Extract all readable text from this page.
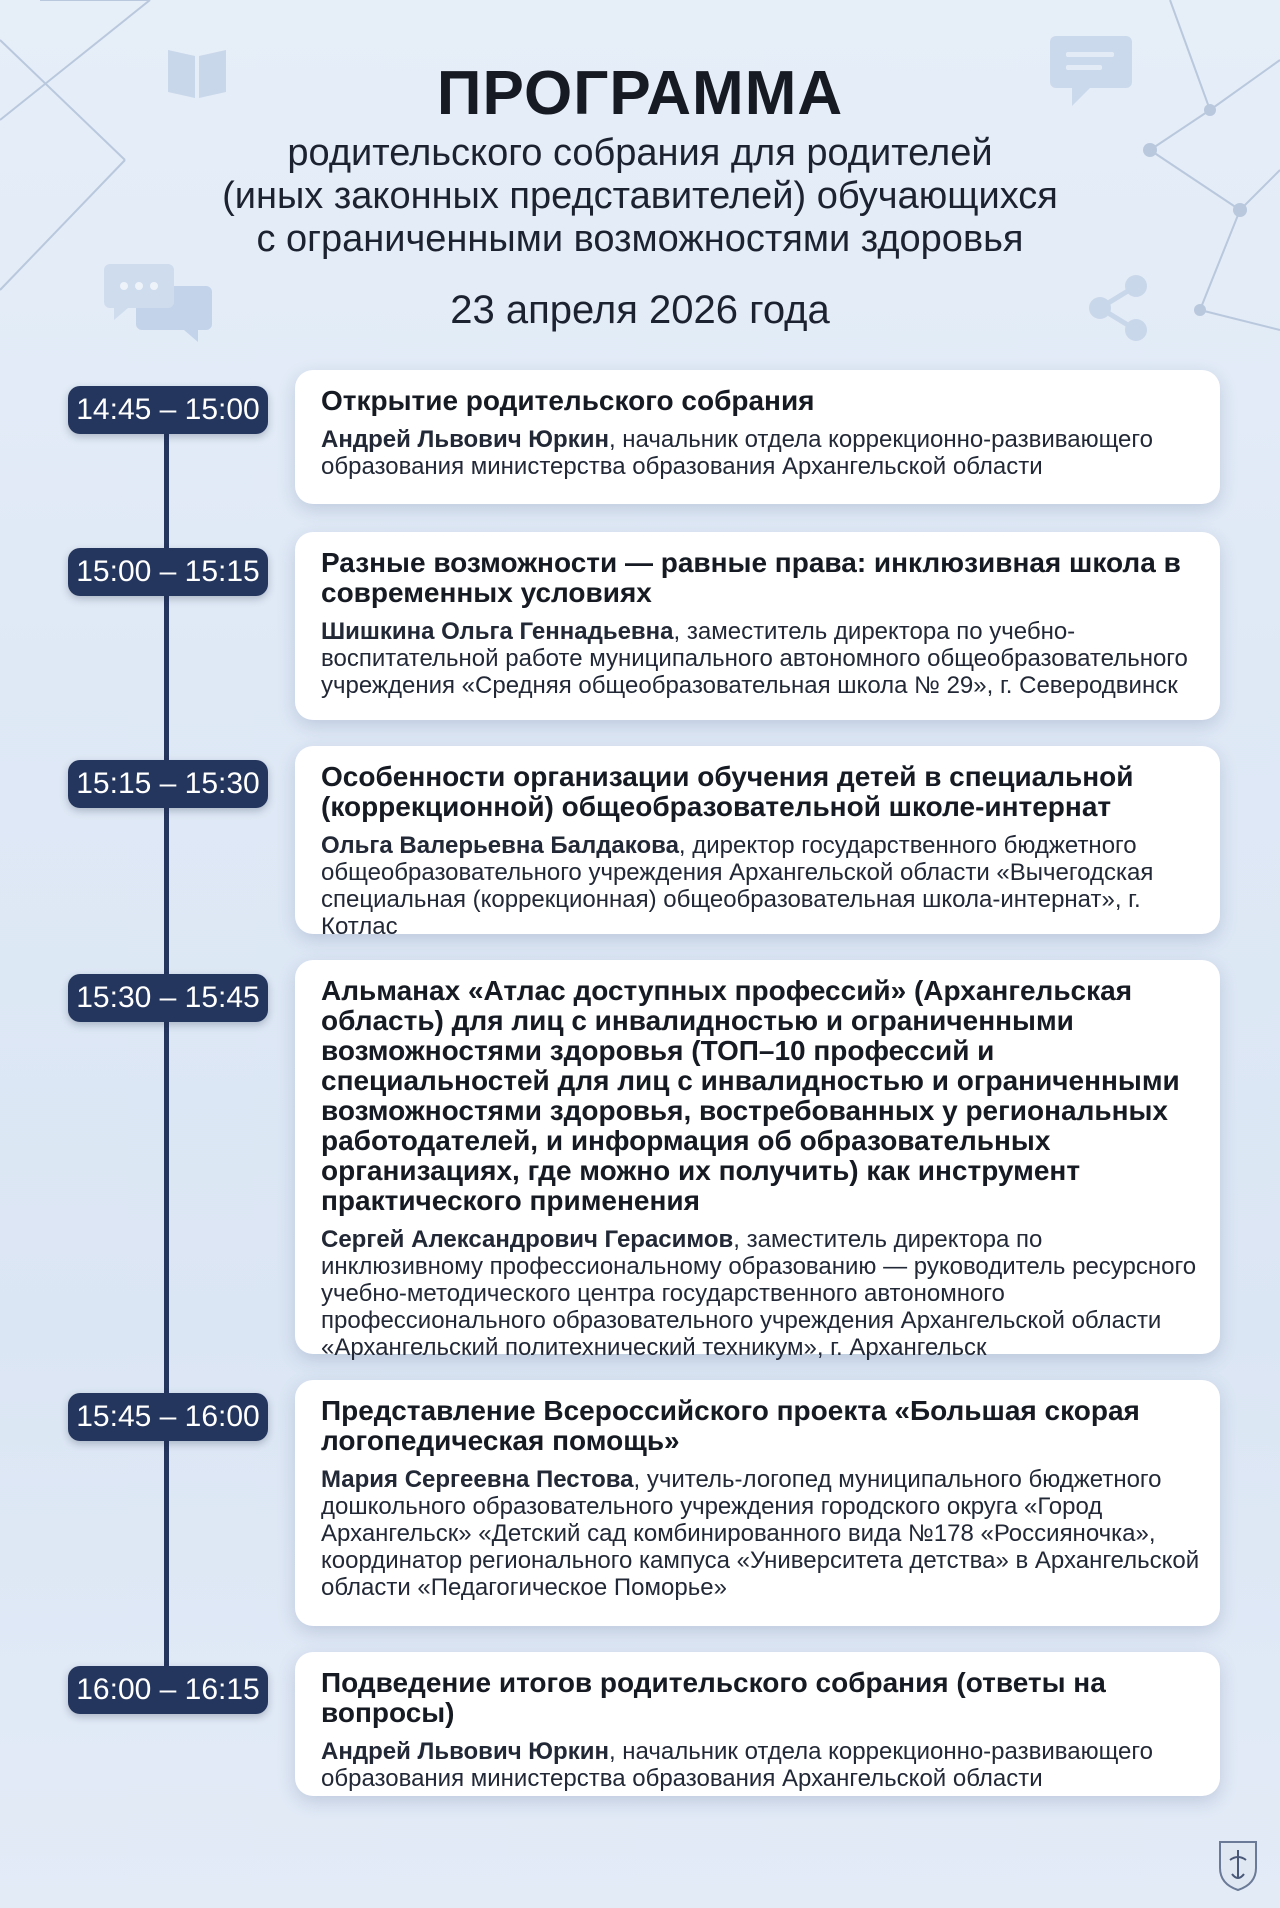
ПРОГРАММА
родительского собрания для родителей
(иных законных представителей) обучающихся
с ограниченными возможностями здоровья
23 апреля 2026 года
14:45 – 15:00 Открытие родительского собрания
Андрей Львович Юркин, начальник отдела коррекционно-развивающего образования министерства образования Архангельской области
15:00 – 15:15 Разные возможности — равные права: инклюзивная школа в современных условиях
Шишкина Ольга Геннадьевна, заместитель директора по учебно-воспитательной работе муниципального автономного общеобразовательного учреждения «Средняя общеобразовательная школа № 29», г. Северодвинск
15:15 – 15:30 Особенности организации обучения детей в специальной (коррекционной) общеобразовательной школе-интернат
Ольга Валерьевна Балдакова, директор государственного бюджетного общеобразовательного учреждения Архангельской области «Вычегодская специальная (коррекционная) общеобразовательная школа-интернат», г. Котлас
15:30 – 15:45 Альманах «Атлас доступных профессий» (Архангельская область) для лиц с инвалидностью и ограниченными возможностями здоровья (ТОП–10 профессий и специальностей для лиц с инвалидностью и ограниченными возможностями здоровья, востребованных у региональных работодателей, и информация об образовательных организациях, где можно их получить) как инструмент практического применения
Сергей Александрович Герасимов, заместитель директора по инклюзивному профессиональному образованию — руководитель ресурсного учебно-методического центра государственного автономного профессионального образовательного учреждения Архангельской области «Архангельский политехнический техникум», г. Архангельск
15:45 – 16:00 Представление Всероссийского проекта «Большая скорая логопедическая помощь»
Мария Сергеевна Пестова, учитель-логопед муниципального бюджетного дошкольного образовательного учреждения городского округа «Город Архангельск» «Детский сад комбинированного вида №178 «Россияночка», координатор регионального кампуса «Университета детства» в Архангельской области «Педагогическое Поморье»
16:00 – 16:15 Подведение итогов родительского собрания (ответы на вопросы)
Андрей Львович Юркин, начальник отдела коррекционно-развивающего образования министерства образования Архангельской области
